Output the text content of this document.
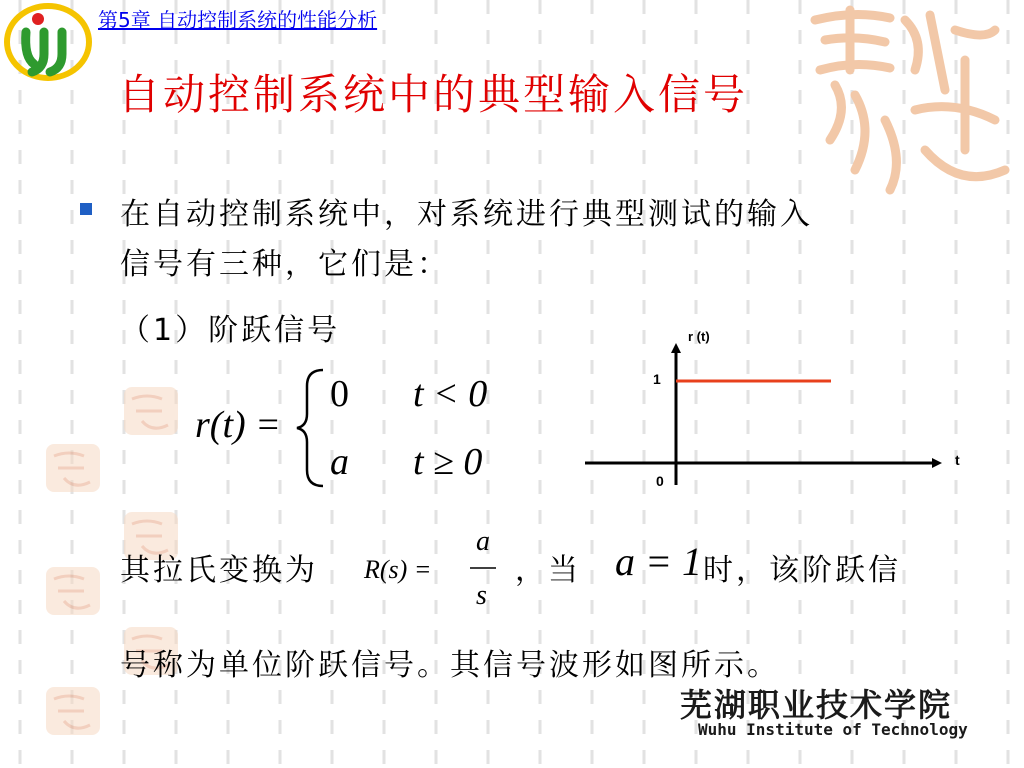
第5章 自动控制系统的性能分析
自动控制系统中的典型输入信号
在自动控制系统中，对系统进行典型测试的输入
信号有三种，它们是：
（1）阶跃信号
r(t) =
0 t < 0
a t ≥ 0
其拉氏变换为 R(s) =
a
s
，当 a = 1 时，该阶跃信
号称为单位阶跃信号。其信号波形如图所示。
r (t)
t
0
1
芜湖职业技术学院
Wuhu Institute of Technology
